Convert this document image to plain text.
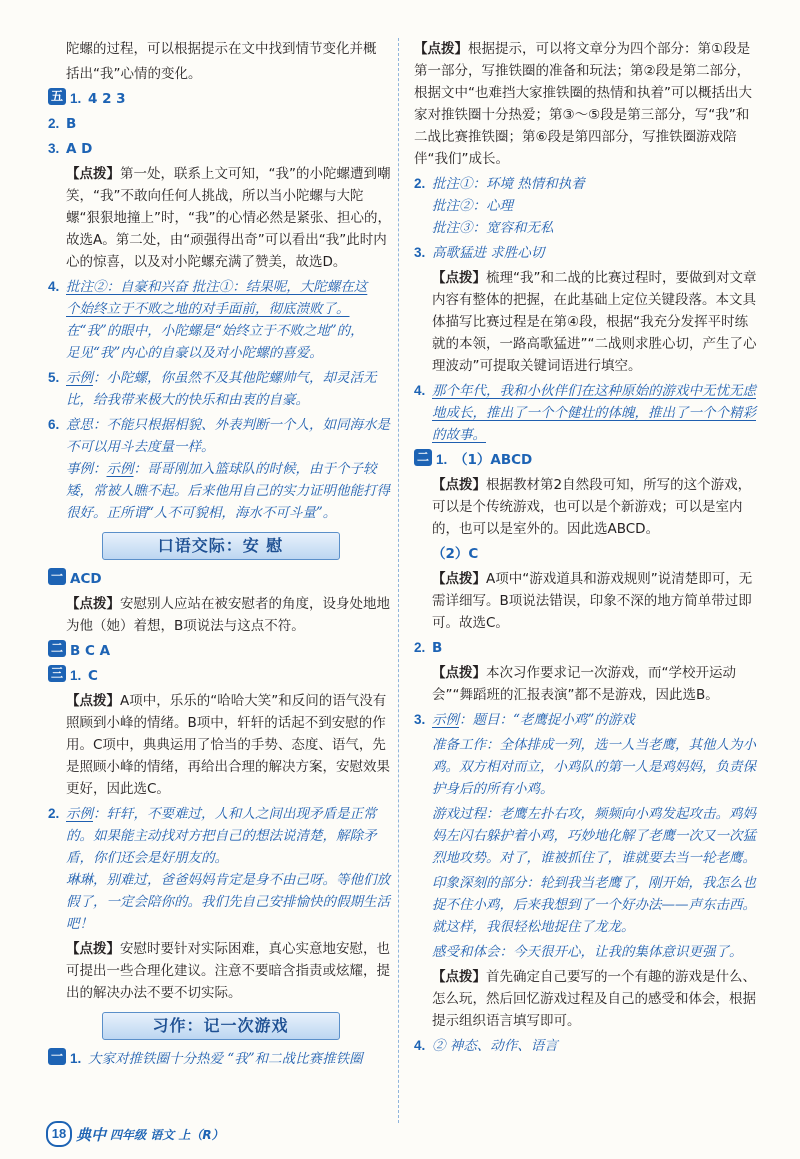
陀螺的过程，可以根据提示在文中找到情节变化并概
括出“我”心情的变化。
五 1. 4 2 3
2. B
3. A D
【点拨】第一处，联系上文可知，“我”的小陀螺遭到嘲笑，“我”不敢向任何人挑战，所以当小陀螺与大陀螺“狠狠地撞上”时，“我”的心情必然是紧张、担心的，故选A。第二处，由“顽强得出奇”可以看出“我”此时内心的惊喜，以及对小陀螺充满了赞美，故选D。
4. 批注②：自豪和兴奋 批注①：结果呢，大陀螺在这
个始终立于不败之地的对手面前，彻底溃败了。
在“我”的眼中，小陀螺是“始终立于不败之地”的，
足见“我”内心的自豪以及对小陀螺的喜爱。
5. 示例：小陀螺，你虽然不及其他陀螺帅气，却灵活无比，给我带来极大的快乐和由衷的自豪。
6. 意思：不能只根据相貌、外表判断一个人，如同海水是不可以用斗去度量一样。
事例：示例：哥哥刚加入篮球队的时候，由于个子较矮，常被人瞧不起。后来他用自己的实力证明他能打得很好。正所谓“人不可貌相，海水不可斗量”。
口语交际：安 慰
一 ACD
【点拨】安慰别人应站在被安慰者的角度，设身处地地为他（她）着想，B项说法与这点不符。
二 B C A
三 1. C
【点拨】A项中，乐乐的“哈哈大笑”和反问的语气没有照顾到小峰的情绪。B项中，轩轩的话起不到安慰的作用。C项中，典典运用了恰当的手势、态度、语气，先是照顾小峰的情绪，再给出合理的解决方案，安慰效果更好，因此选C。
2. 示例：轩轩，不要难过，人和人之间出现矛盾是正常的。如果能主动找对方把自己的想法说清楚，解除矛盾，你们还会是好朋友的。
琳琳，别难过，爸爸妈妈肯定是身不由己呀。等他们放假了，一定会陪你的。我们先自己安排愉快的假期生活吧！
【点拨】安慰时要针对实际困难，真心实意地安慰，也可提出一些合理化建议。注意不要暗含指责或炫耀，提出的解决办法不要不切实际。
习作：记一次游戏
一 1. 大家对推铁圈十分热爱 “我”和二战比赛推铁圈
【点拨】根据提示，可以将文章分为四个部分：第①段是第一部分，写推铁圈的准备和玩法；第②段是第二部分，根据文中“也难挡大家推铁圈的热情和执着”可以概括出大家对推铁圈十分热爱；第③～⑤段是第三部分，写“我”和二战比赛推铁圈；第⑥段是第四部分，写推铁圈游戏陪伴“我们”成长。
2. 批注①：环境 热情和执着
批注②：心理
批注③：宽容和无私
3. 高歌猛进 求胜心切
【点拨】梳理“我”和二战的比赛过程时，要做到对文章内容有整体的把握，在此基础上定位关键段落。本文具体描写比赛过程是在第④段，根据“我充分发挥平时练就的本领，一路高歌猛进”“二战则求胜心切，产生了心理波动”可提取关键词语进行填空。
4. 那个年代，我和小伙伴们在这种原始的游戏中无忧无虑地成长，推出了一个个健壮的体魄，推出了一个个精彩的故事。
二 1. （1）ABCD
【点拨】根据教材第2自然段可知，所写的这个游戏，可以是个传统游戏，也可以是个新游戏；可以是室内的，也可以是室外的。因此选ABCD。
（2）C
【点拨】A项中“游戏道具和游戏规则”说清楚即可，无需详细写。B项说法错误，印象不深的地方简单带过即可。故选C。
2. B
【点拨】本次习作要求记一次游戏，而“学校开运动会”“舞蹈班的汇报表演”都不是游戏，因此选B。
3. 示例：题目：“老鹰捉小鸡”的游戏
准备工作：全体排成一列，选一人当老鹰，其他人为小鸡。双方相对而立，小鸡队的第一人是鸡妈妈，负责保护身后的所有小鸡。
游戏过程：老鹰左扑右攻，频频向小鸡发起攻击。鸡妈妈左闪右躲护着小鸡，巧妙地化解了老鹰一次又一次猛烈地攻势。对了，谁被抓住了，谁就要去当一轮老鹰。
印象深刻的部分：轮到我当老鹰了，刚开始，我怎么也捉不住小鸡，后来我想到了一个好办法——声东击西。就这样，我很轻松地捉住了龙龙。
感受和体会：今天很开心，让我的集体意识更强了。
【点拨】首先确定自己要写的一个有趣的游戏是什么、怎么玩，然后回忆游戏过程及自己的感受和体会，根据提示组织语言填写即可。
4. ② 神态、动作、语言
18 典中 四年级 语文 上（R）
